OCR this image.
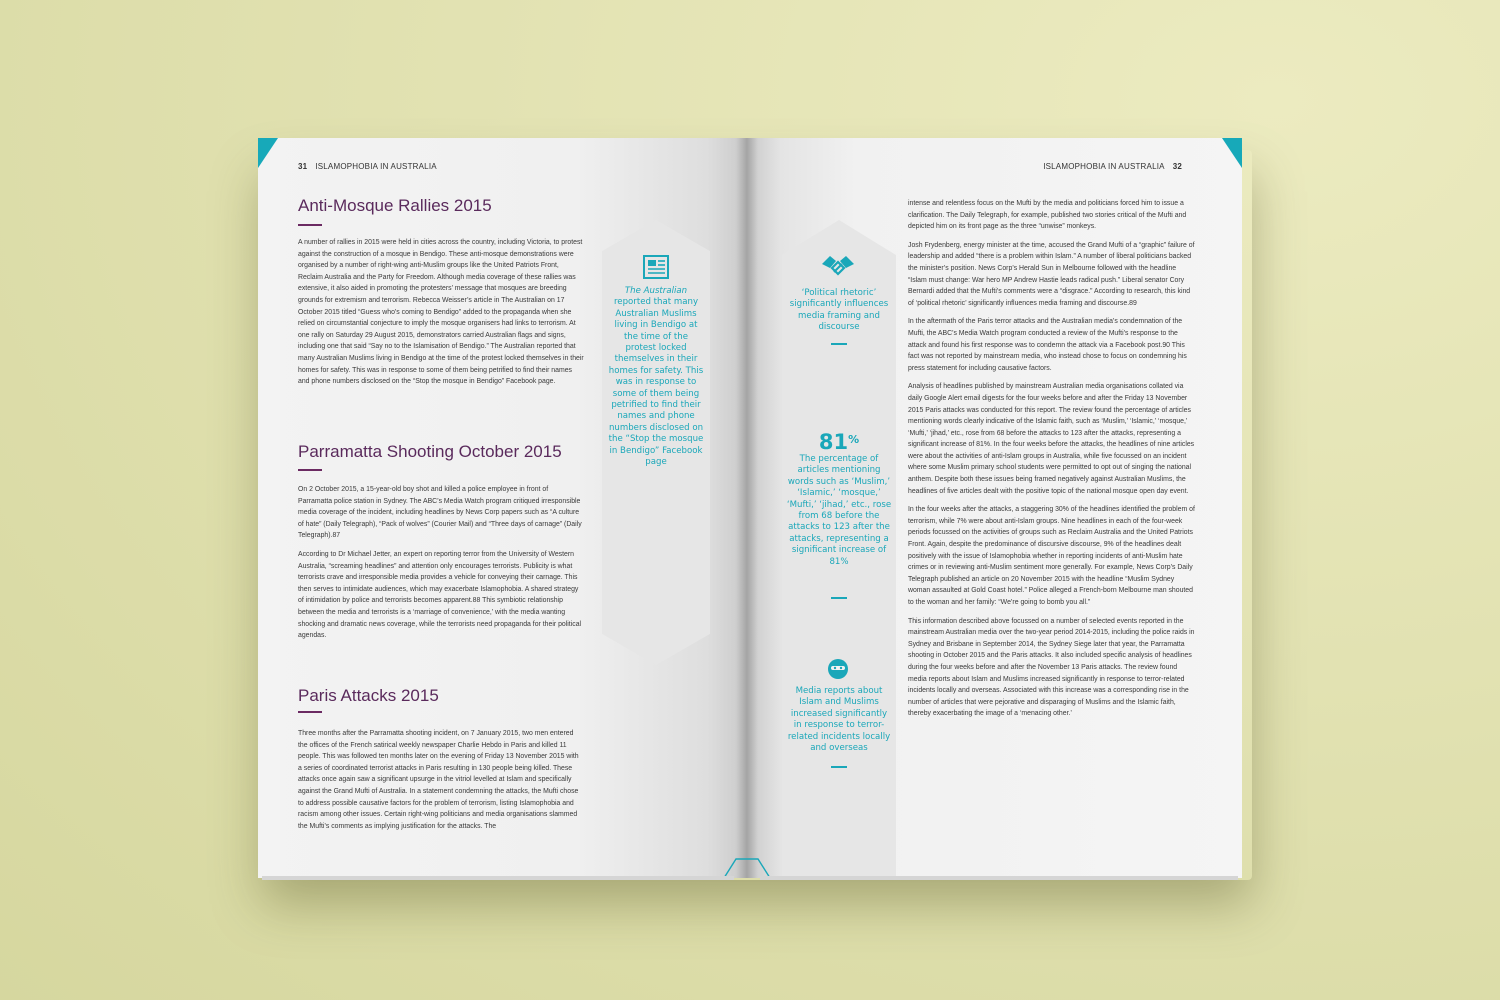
31 ISLAMOPHOBIA IN AUSTRALIA
Anti-Mosque Rallies 2015

A number of rallies in 2015 were held in cities across the country, including Victoria, to protest against the construction of a mosque in Bendigo. These anti-mosque demonstrations were organised by a number of right-wing anti-Muslim groups like the United Patriots Front, Reclaim Australia and the Party for Freedom. Although media coverage of these rallies was extensive, it also aided in promoting the protesters’ message that mosques are breeding grounds for extremism and terrorism. Rebecca Weisser’s article in The Australian on 17 October 2015 titled “Guess who’s coming to Bendigo” added to the propaganda when she relied on circumstantial conjecture to imply the mosque organisers had links to terrorism. At one rally on Saturday 29 August 2015, demonstrators carried Australian flags and signs, including one that said “Say no to the Islamisation of Bendigo.” The Australian reported that many Australian Muslims living in Bendigo at the time of the protest locked themselves in their homes for safety. This was in response to some of them being petrified to find their names and phone numbers disclosed on the “Stop the mosque in Bendigo” Facebook page.

Parramatta Shooting October 2015

On 2 October 2015, a 15-year-old boy shot and killed a police employee in front of Parramatta police station in Sydney. The ABC’s Media Watch program critiqued irresponsible media coverage of the incident, including headlines by News Corp papers such as “A culture of hate” (Daily Telegraph), “Pack of wolves” (Courier Mail) and “Three days of carnage” (Daily Telegraph).87

According to Dr Michael Jetter, an expert on reporting terror from the University of Western Australia, “screaming headlines” and attention only encourages terrorists. Publicity is what terrorists crave and irresponsible media provides a vehicle for conveying their carnage. This then serves to intimidate audiences, which may exacerbate Islamophobia. A shared strategy of intimidation by police and terrorists becomes apparent.88 This symbiotic relationship between the media and terrorists is a ‘marriage of convenience,’ with the media wanting shocking and dramatic news coverage, while the terrorists need propaganda for their political agendas.

Paris Attacks 2015

Three months after the Parramatta shooting incident, on 7 January 2015, two men entered the offices of the French satirical weekly newspaper Charlie Hebdo in Paris and killed 11 people. This was followed ten months later on the evening of Friday 13 November 2015 with a series of coordinated terrorist attacks in Paris resulting in 130 people being killed. These attacks once again saw a significant upsurge in the vitriol levelled at Islam and specifically against the Grand Mufti of Australia. In a statement condemning the attacks, the Mufti chose to address possible causative factors for the problem of terrorism, listing Islamophobia and racism among other issues. Certain right-wing politicians and media organisations slammed the Mufti’s comments as implying justification for the attacks. The

The Australian reported that many Australian Muslims living in Bendigo at the time of the protest locked themselves in their homes for safety. This was in response to some of them being petrified to find their names and phone numbers disclosed on the “Stop the mosque in Bendigo” Facebook page
ISLAMOPHOBIA IN AUSTRALIA 32

intense and relentless focus on the Mufti by the media and politicians forced him to issue a clarification. The Daily Telegraph, for example, published two stories critical of the Mufti and depicted him on its front page as the three “unwise” monkeys.

Josh Frydenberg, energy minister at the time, accused the Grand Mufti of a “graphic” failure of leadership and added “there is a problem within Islam.” A number of liberal politicians backed the minister’s position. News Corp’s Herald Sun in Melbourne followed with the headline “Islam must change: War hero MP Andrew Hastie leads radical push.” Liberal senator Cory Bernardi added that the Mufti’s comments were a “disgrace.” According to research, this kind of ‘political rhetoric’ significantly influences media framing and discourse.89

In the aftermath of the Paris terror attacks and the Australian media’s condemnation of the Mufti, the ABC’s Media Watch program conducted a review of the Mufti’s response to the attack and found his first response was to condemn the attack via a Facebook post.90 This fact was not reported by mainstream media, who instead chose to focus on condemning his press statement for including causative factors.

Analysis of headlines published by mainstream Australian media organisations collated via daily Google Alert email digests for the four weeks before and after the Friday 13 November 2015 Paris attacks was conducted for this report. The review found the percentage of articles mentioning words clearly indicative of the Islamic faith, such as ‘Muslim,’ ‘Islamic,’ ‘mosque,’ ‘Mufti,’ ‘jihad,’ etc., rose from 68 before the attacks to 123 after the attacks, representing a significant increase of 81%. In the four weeks before the attacks, the headlines of nine articles were about the activities of anti-Islam groups in Australia, while five focussed on an incident where some Muslim primary school students were permitted to opt out of singing the national anthem. Despite both these issues being framed negatively against Australian Muslims, the headlines of five articles dealt with the positive topic of the national mosque open day event.

In the four weeks after the attacks, a staggering 30% of the headlines identified the problem of terrorism, while 7% were about anti-Islam groups. Nine headlines in each of the four-week periods focussed on the activities of groups such as Reclaim Australia and the United Patriots Front. Again, despite the predominance of discursive discourse, 9% of the headlines dealt positively with the issue of Islamophobia whether in reporting incidents of anti-Muslim hate crimes or in reviewing anti-Muslim sentiment more generally. For example, News Corp’s Daily Telegraph published an article on 20 November 2015 with the headline “Muslim Sydney woman assaulted at Gold Coast hotel.” Police alleged a French-born Melbourne man shouted to the woman and her family: “We’re going to bomb you all.”

This information described above focussed on a number of selected events reported in the mainstream Australian media over the two-year period 2014-2015, including the police raids in Sydney and Brisbane in September 2014, the Sydney Siege later that year, the Parramatta shooting in October 2015 and the Paris attacks. It also included specific analysis of headlines during the four weeks before and after the November 13 Paris attacks. The review found media reports about Islam and Muslims increased significantly in response to terror-related incidents locally and overseas. Associated with this increase was a corresponding rise in the number of articles that were pejorative and disparaging of Muslims and the Islamic faith, thereby exacerbating the image of a ‘menacing other.’

‘Political rhetoric’ significantly influences media framing and discourse
81%
The percentage of articles mentioning words such as ‘Muslim,’ ‘Islamic,’ ‘mosque,’ ‘Mufti,’ ‘jihad,’ etc., rose from 68 before the attacks to 123 after the attacks, representing a significant increase of 81%
Media reports about Islam and Muslims increased significantly in response to terror-related incidents locally and overseas
